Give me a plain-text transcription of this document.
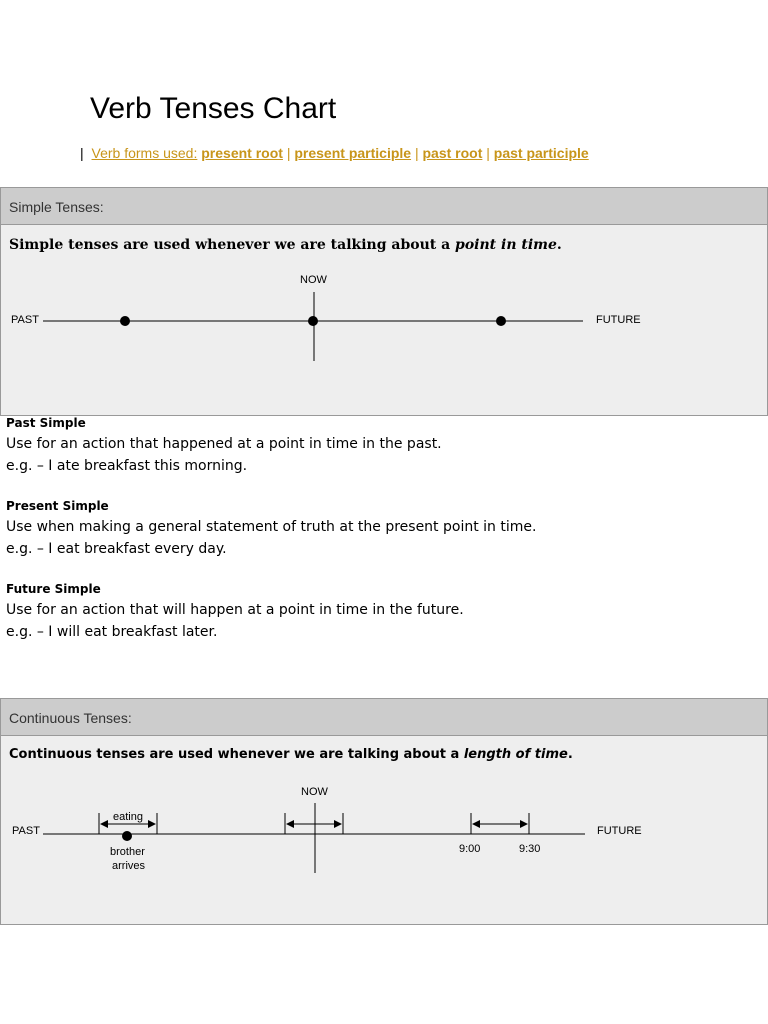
Verb Tenses Chart
| Verb forms used: present root | present participle | past root | past participle
Simple Tenses:
Simple tenses are used whenever we are talking about a point in time.
NOW
PAST	FUTURE
Past Simple
Use for an action that happened at a point in time in the past.
e.g. – I ate breakfast this morning.
Present Simple
Use when making a general statement of truth at the present point in time.
e.g. – I eat breakfast every day.
Future Simple
Use for an action that will happen at a point in time in the future.
e.g. – I will eat breakfast later.
Continuous Tenses:
Continuous tenses are used whenever we are talking about a length of time.
NOW
PAST	FUTURE
eating
brother
arrives
9:00	9:30
